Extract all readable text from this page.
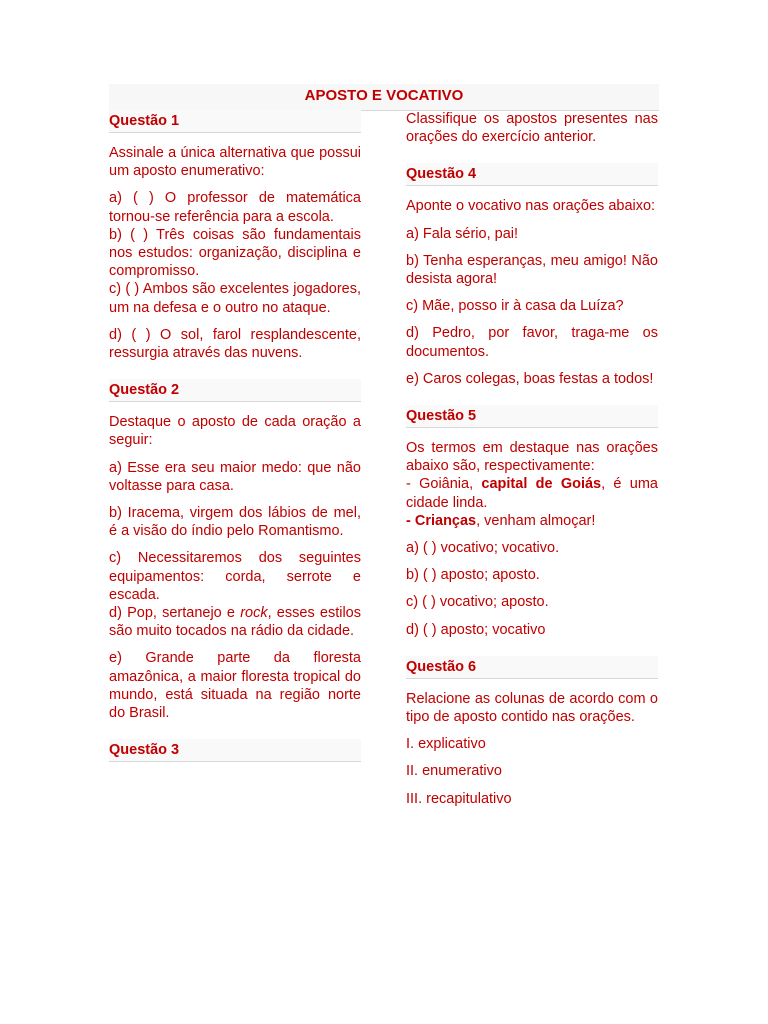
APOSTO E VOCATIVO
Questão 1

Assinale a única alternativa que possui um aposto enumerativo:

a) ( ) O professor de matemática tornou-se referência para a escola.

b) ( ) Três coisas são fundamentais nos estudos: organização, disciplina e compromisso.

c) ( ) Ambos são excelentes jogadores, um na defesa e o outro no ataque.

d) ( ) O sol, farol resplandescente, ressurgia através das nuvens.

Questão 2

Destaque o aposto de cada oração a seguir:

a) Esse era seu maior medo: que não voltasse para casa.

b) Iracema, virgem dos lábios de mel, é a visão do índio pelo Romantismo.

c) Necessitaremos dos seguintes equipamentos: corda, serrote e escada.

d) Pop, sertanejo e rock, esses estilos são muito tocados na rádio da cidade.

e) Grande parte da floresta amazônica, a maior floresta tropical do mundo, está situada na região norte do Brasil.

Questão 3

Classifique os apostos presentes nas orações do exercício anterior.

Questão 4

Aponte o vocativo nas orações abaixo:

a) Fala sério, pai!

b) Tenha esperanças, meu amigo! Não desista agora!

c) Mãe, posso ir à casa da Luíza?

d) Pedro, por favor, traga-me os documentos.

e) Caros colegas, boas festas a todos!

Questão 5

Os termos em destaque nas orações abaixo são, respectivamente:

- Goiânia, capital de Goiás, é uma cidade linda.

- Crianças, venham almoçar!

a) ( ) vocativo; vocativo.

b) ( ) aposto; aposto.

c) ( ) vocativo; aposto.

d) ( ) aposto; vocativo

Questão 6

Relacione as colunas de acordo com o tipo de aposto contido nas orações.

I. explicativo

II. enumerativo

III. recapitulativo
